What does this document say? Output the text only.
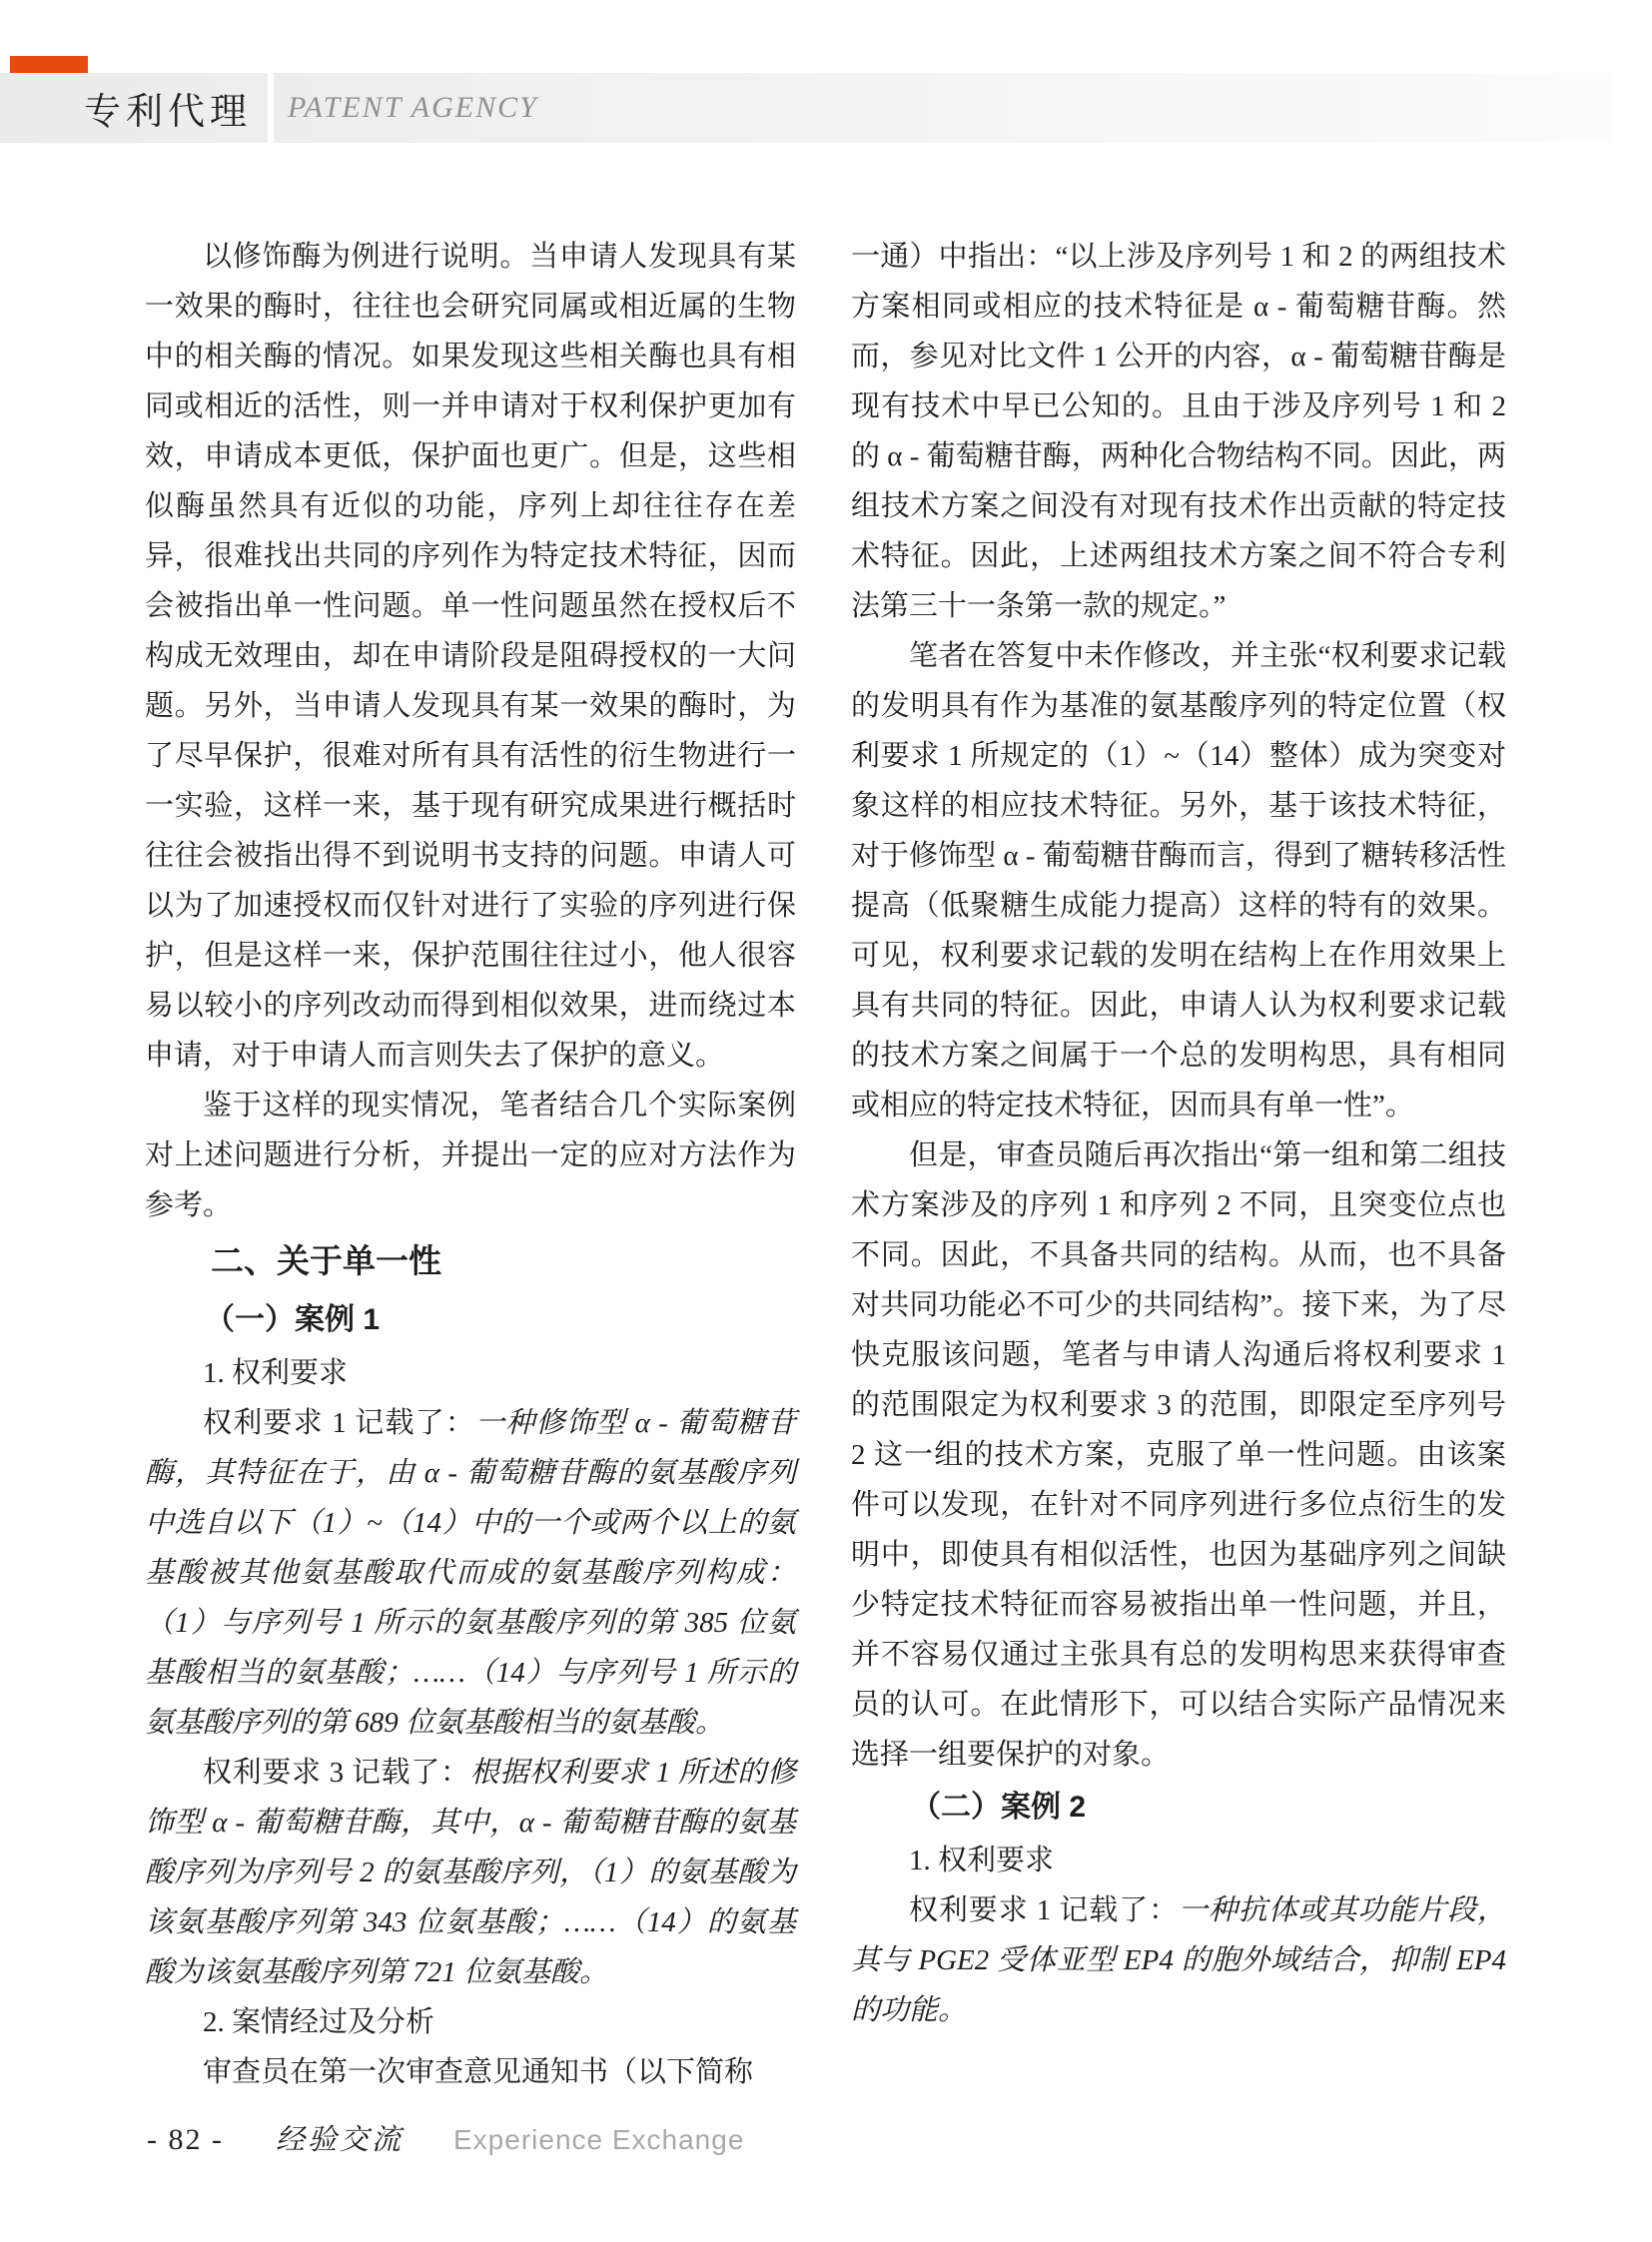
专利代理 PATENT AGENCY

以修饰酶为例进行说明。当申请人发现具有某一效果的酶时，往往也会研究同属或相近属的生物中的相关酶的情况。如果发现这些相关酶也具有相同或相近的活性，则一并申请对于权利保护更加有效，申请成本更低，保护面也更广。但是，这些相似酶虽然具有近似的功能，序列上却往往存在差异，很难找出共同的序列作为特定技术特征，因而会被指出单一性问题。单一性问题虽然在授权后不构成无效理由，却在申请阶段是阻碍授权的一大问题。另外，当申请人发现具有某一效果的酶时，为了尽早保护，很难对所有具有活性的衍生物进行一一实验，这样一来，基于现有研究成果进行概括时往往会被指出得不到说明书支持的问题。申请人可以为了加速授权而仅针对进行了实验的序列进行保护，但是这样一来，保护范围往往过小，他人很容易以较小的序列改动而得到相似效果，进而绕过本申请，对于申请人而言则失去了保护的意义。

鉴于这样的现实情况，笔者结合几个实际案例对上述问题进行分析，并提出一定的应对方法作为参考。

二、关于单一性

（一）案例 1

1. 权利要求

权利要求 1 记载了：一种修饰型 α - 葡萄糖苷酶，其特征在于，由 α - 葡萄糖苷酶的氨基酸序列中选自以下（1）~（14）中的一个或两个以上的氨基酸被其他氨基酸取代而成的氨基酸序列构成：（1）与序列号 1 所示的氨基酸序列的第 385 位氨基酸相当的氨基酸；……（14）与序列号 1 所示的氨基酸序列的第 689 位氨基酸相当的氨基酸。

权利要求 3 记载了：根据权利要求 1 所述的修饰型 α - 葡萄糖苷酶，其中，α - 葡萄糖苷酶的氨基酸序列为序列号 2 的氨基酸序列，（1）的氨基酸为该氨基酸序列第 343 位氨基酸；……（14）的氨基酸为该氨基酸序列第 721 位氨基酸。

2. 案情经过及分析

审查员在第一次审查意见通知书（以下简称

一通）中指出：“以上涉及序列号 1 和 2 的两组技术方案相同或相应的技术特征是 α - 葡萄糖苷酶。然而，参见对比文件 1 公开的内容，α - 葡萄糖苷酶是现有技术中早已公知的。且由于涉及序列号 1 和 2 的 α - 葡萄糖苷酶，两种化合物结构不同。因此，两组技术方案之间没有对现有技术作出贡献的特定技术特征。因此，上述两组技术方案之间不符合专利法第三十一条第一款的规定。”

笔者在答复中未作修改，并主张“权利要求记载的发明具有作为基准的氨基酸序列的特定位置（权利要求 1 所规定的（1）~（14）整体）成为突变对象这样的相应技术特征。另外，基于该技术特征，对于修饰型 α - 葡萄糖苷酶而言，得到了糖转移活性提高（低聚糖生成能力提高）这样的特有的效果。可见，权利要求记载的发明在结构上在作用效果上具有共同的特征。因此，申请人认为权利要求记载的技术方案之间属于一个总的发明构思，具有相同或相应的特定技术特征，因而具有单一性”。

但是，审查员随后再次指出“第一组和第二组技术方案涉及的序列 1 和序列 2 不同，且突变位点也不同。因此，不具备共同的结构。从而，也不具备对共同功能必不可少的共同结构”。接下来，为了尽快克服该问题，笔者与申请人沟通后将权利要求 1 的范围限定为权利要求 3 的范围，即限定至序列号 2 这一组的技术方案，克服了单一性问题。由该案件可以发现，在针对不同序列进行多位点衍生的发明中，即使具有相似活性，也因为基础序列之间缺少特定技术特征而容易被指出单一性问题，并且，并不容易仅通过主张具有总的发明构思来获得审查员的认可。在此情形下，可以结合实际产品情况来选择一组要保护的对象。

（二）案例 2

1. 权利要求

权利要求 1 记载了：一种抗体或其功能片段，其与 PGE2 受体亚型 EP4 的胞外域结合，抑制 EP4 的功能。

- 82 - 经验交流 Experience Exchange
